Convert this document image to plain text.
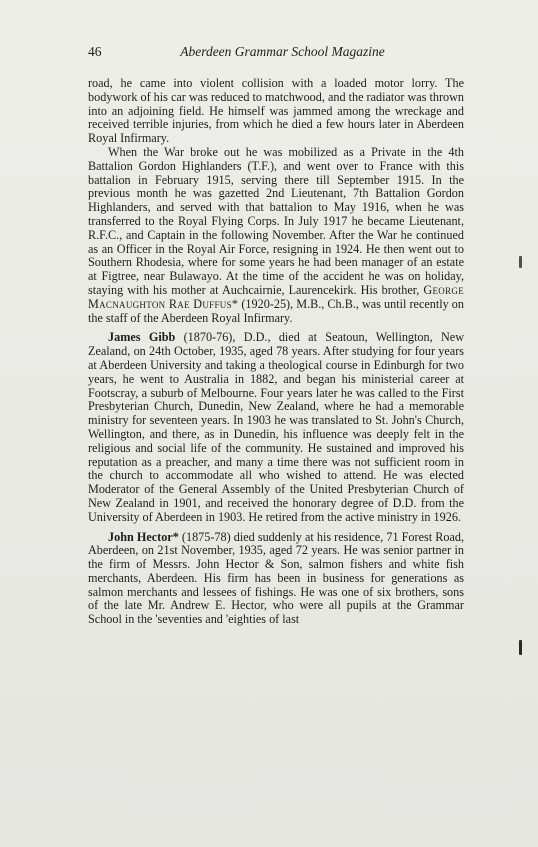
46	Aberdeen Grammar School Magazine

road, he came into violent collision with a loaded motor lorry. The bodywork of his car was reduced to matchwood, and the radiator was thrown into an adjoining field. He himself was jammed among the wreckage and received terrible injuries, from which he died a few hours later in Aberdeen Royal Infirmary.

When the War broke out he was mobilized as a Private in the 4th Battalion Gordon Highlanders (T.F.), and went over to France with this battalion in February 1915, serving there till September 1915. In the previous month he was gazetted 2nd Lieutenant, 7th Battalion Gordon Highlanders, and served with that battalion to May 1916, when he was transferred to the Royal Flying Corps. In July 1917 he became Lieutenant, R.F.C., and Captain in the following November. After the War he continued as an Officer in the Royal Air Force, resigning in 1924. He then went out to Southern Rhodesia, where for some years he had been manager of an estate at Figtree, near Bulawayo. At the time of the accident he was on holiday, staying with his mother at Auchcairnie, Laurencekirk. His brother, George Macnaughton Rae Duffus* (1920-25), M.B., Ch.B., was until recently on the staff of the Aberdeen Royal Infirmary.

James Gibb (1870-76), D.D., died at Seatoun, Wellington, New Zealand, on 24th October, 1935, aged 78 years. After studying for four years at Aberdeen University and taking a theological course in Edinburgh for two years, he went to Australia in 1882, and began his ministerial career at Footscray, a suburb of Melbourne. Four years later he was called to the First Presbyterian Church, Dunedin, New Zealand, where he had a memorable ministry for seventeen years. In 1903 he was translated to St. John's Church, Wellington, and there, as in Dunedin, his influence was deeply felt in the religious and social life of the community. He sustained and improved his reputation as a preacher, and many a time there was not sufficient room in the church to accommodate all who wished to attend. He was elected Moderator of the General Assembly of the United Presbyterian Church of New Zealand in 1901, and received the honorary degree of D.D. from the University of Aberdeen in 1903. He retired from the active ministry in 1926.

John Hector* (1875-78) died suddenly at his residence, 71 Forest Road, Aberdeen, on 21st November, 1935, aged 72 years. He was senior partner in the firm of Messrs. John Hector & Son, salmon fishers and white fish merchants, Aberdeen. His firm has been in business for generations as salmon merchants and lessees of fishings. He was one of six brothers, sons of the late Mr. Andrew E. Hector, who were all pupils at the Grammar School in the 'seventies and 'eighties of last
